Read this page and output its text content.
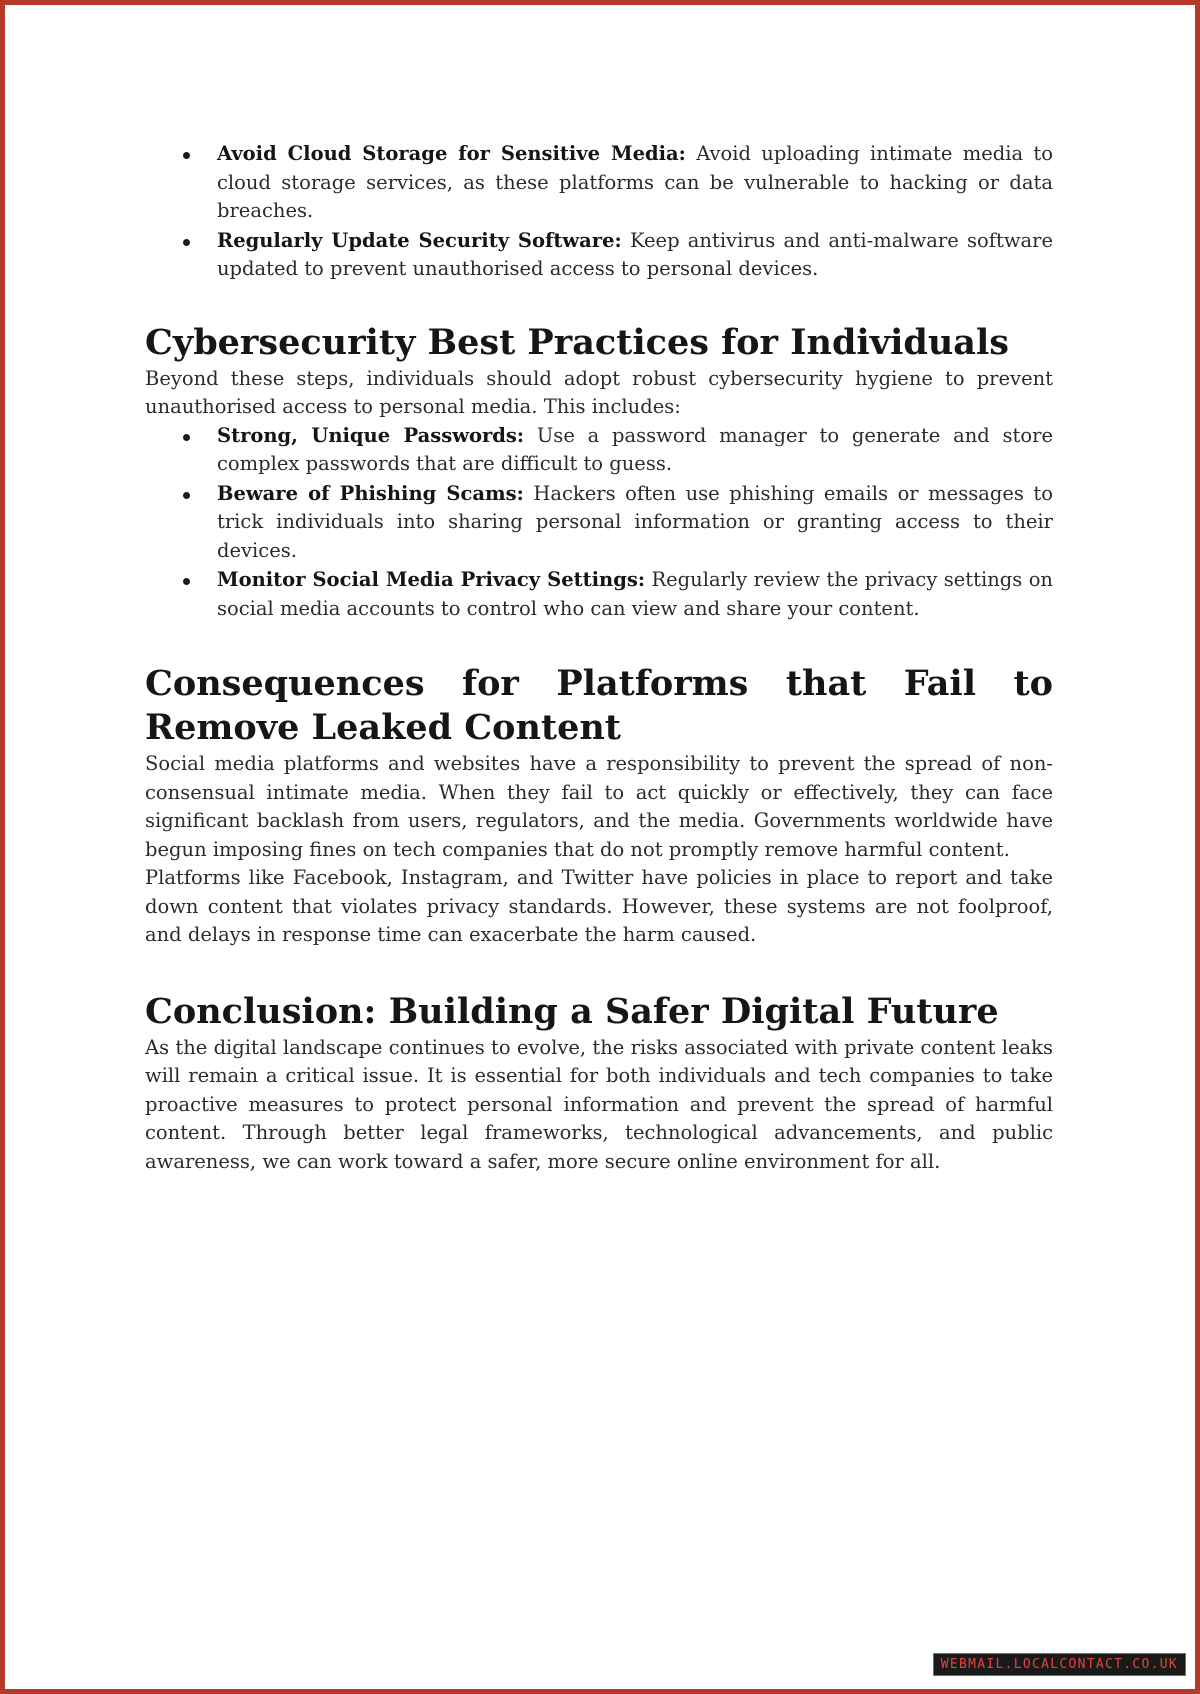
Avoid Cloud Storage for Sensitive Media: Avoid uploading intimate media to cloud storage services, as these platforms can be vulnerable to hacking or data breaches.
Regularly Update Security Software: Keep antivirus and anti-malware software updated to prevent unauthorised access to personal devices.
Cybersecurity Best Practices for Individuals

Beyond these steps, individuals should adopt robust cybersecurity hygiene to prevent unauthorised access to personal media. This includes:

Strong, Unique Passwords: Use a password manager to generate and store complex passwords that are difficult to guess.
Beware of Phishing Scams: Hackers often use phishing emails or messages to trick individuals into sharing personal information or granting access to their devices.
Monitor Social Media Privacy Settings: Regularly review the privacy settings on social media accounts to control who can view and share your content.
Consequences for Platforms that Fail to Remove Leaked Content

Social media platforms and websites have a responsibility to prevent the spread of non-consensual intimate media. When they fail to act quickly or effectively, they can face significant backlash from users, regulators, and the media. Governments worldwide have begun imposing fines on tech companies that do not promptly remove harmful content.

Platforms like Facebook, Instagram, and Twitter have policies in place to report and take down content that violates privacy standards. However, these systems are not foolproof, and delays in response time can exacerbate the harm caused.

Conclusion: Building a Safer Digital Future

As the digital landscape continues to evolve, the risks associated with private content leaks will remain a critical issue. It is essential for both individuals and tech companies to take proactive measures to protect personal information and prevent the spread of harmful content. Through better legal frameworks, technological advancements, and public awareness, we can work toward a safer, more secure online environment for all.

WEBMAIL.LOCALCONTACT.CO.UK
